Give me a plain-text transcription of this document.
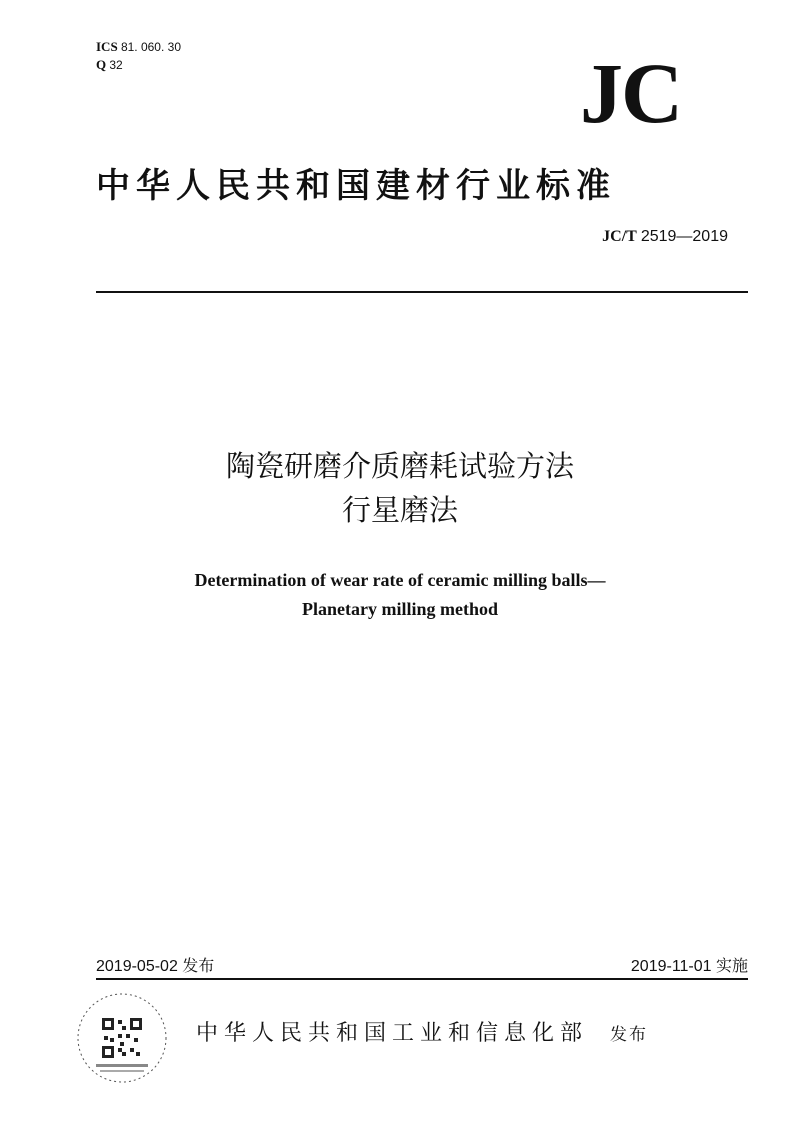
ICS 81. 060. 30
Q 32	JC
中华人民共和国建材行业标准
JC/T 2519—2019
陶瓷研磨介质磨耗试验方法
行星磨法
Determination of wear rate of ceramic milling balls—
Planetary milling method
2019-05-02 发布	2019-11-01 实施
中华人民共和国工业和信息化部 发布
